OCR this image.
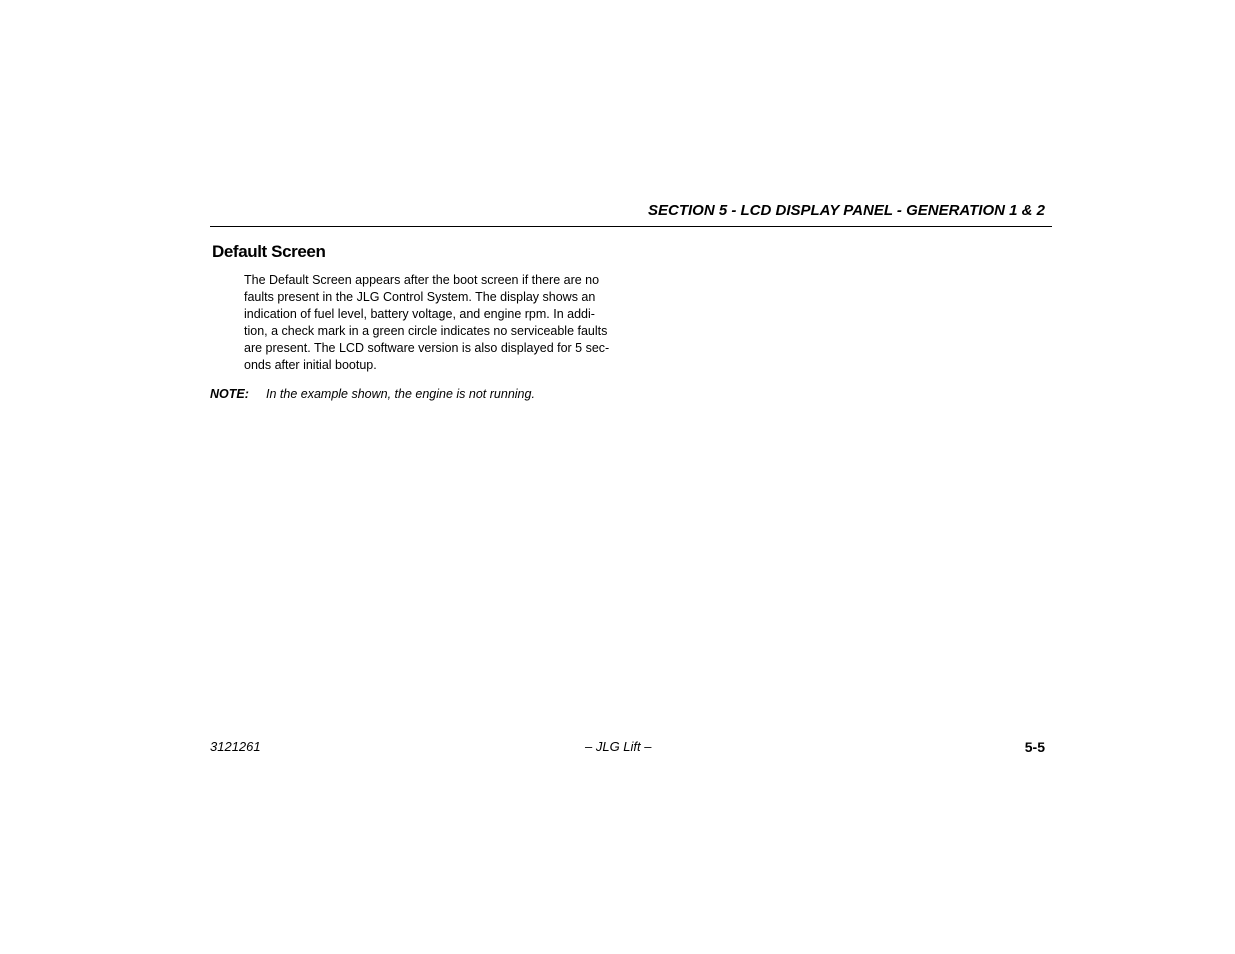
SECTION 5 - LCD DISPLAY PANEL - GENERATION 1 & 2
Default Screen
The Default Screen appears after the boot screen if there are no
faults present in the JLG Control System. The display shows an
indication of fuel level, battery voltage, and engine rpm. In addi-
tion, a check mark in a green circle indicates no serviceable faults
are present. The LCD software version is also displayed for 5 sec-
onds after initial bootup.
NOTE: In the example shown, the engine is not running.
3121261	– JLG Lift –	5-5
